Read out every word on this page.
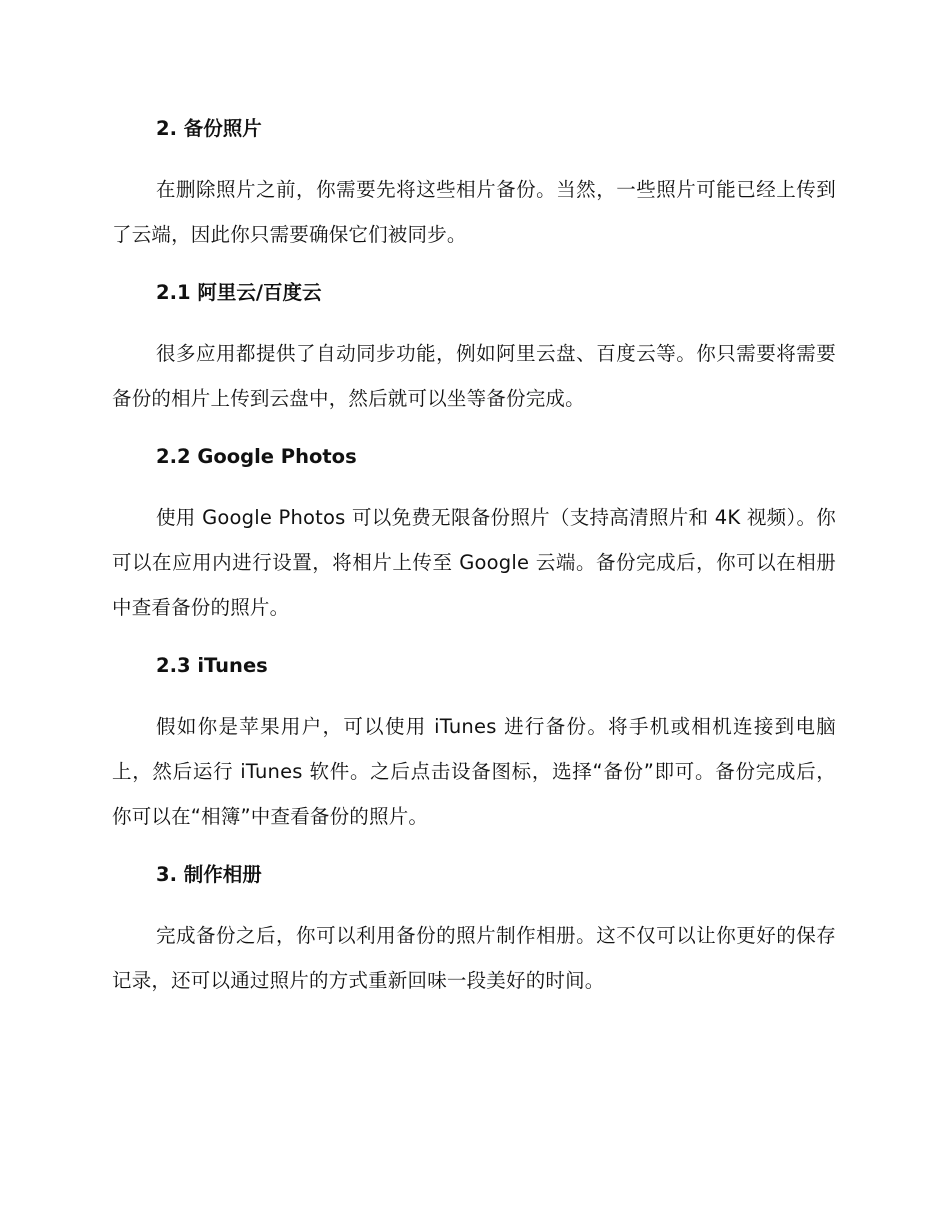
2. 备份照片

在删除照片之前，你需要先将这些相片备份。当然，一些照片可能已经上传到了云端，因此你只需要确保它们被同步。

2.1 阿里云/百度云

很多应用都提供了自动同步功能，例如阿里云盘、百度云等。你只需要将需要备份的相片上传到云盘中，然后就可以坐等备份完成。

2.2 Google Photos

使用 Google Photos 可以免费无限备份照片（支持高清照片和 4K 视频）。你可以在应用内进行设置，将相片上传至 Google 云端。备份完成后，你可以在相册中查看备份的照片。

2.3 iTunes

假如你是苹果用户，可以使用 iTunes 进行备份。将手机或相机连接到电脑上，然后运行 iTunes 软件。之后点击设备图标，选择“备份”即可。备份完成后，你可以在“相簿”中查看备份的照片。

3. 制作相册

完成备份之后，你可以利用备份的照片制作相册。这不仅可以让你更好的保存记录，还可以通过照片的方式重新回味一段美好的时间。
